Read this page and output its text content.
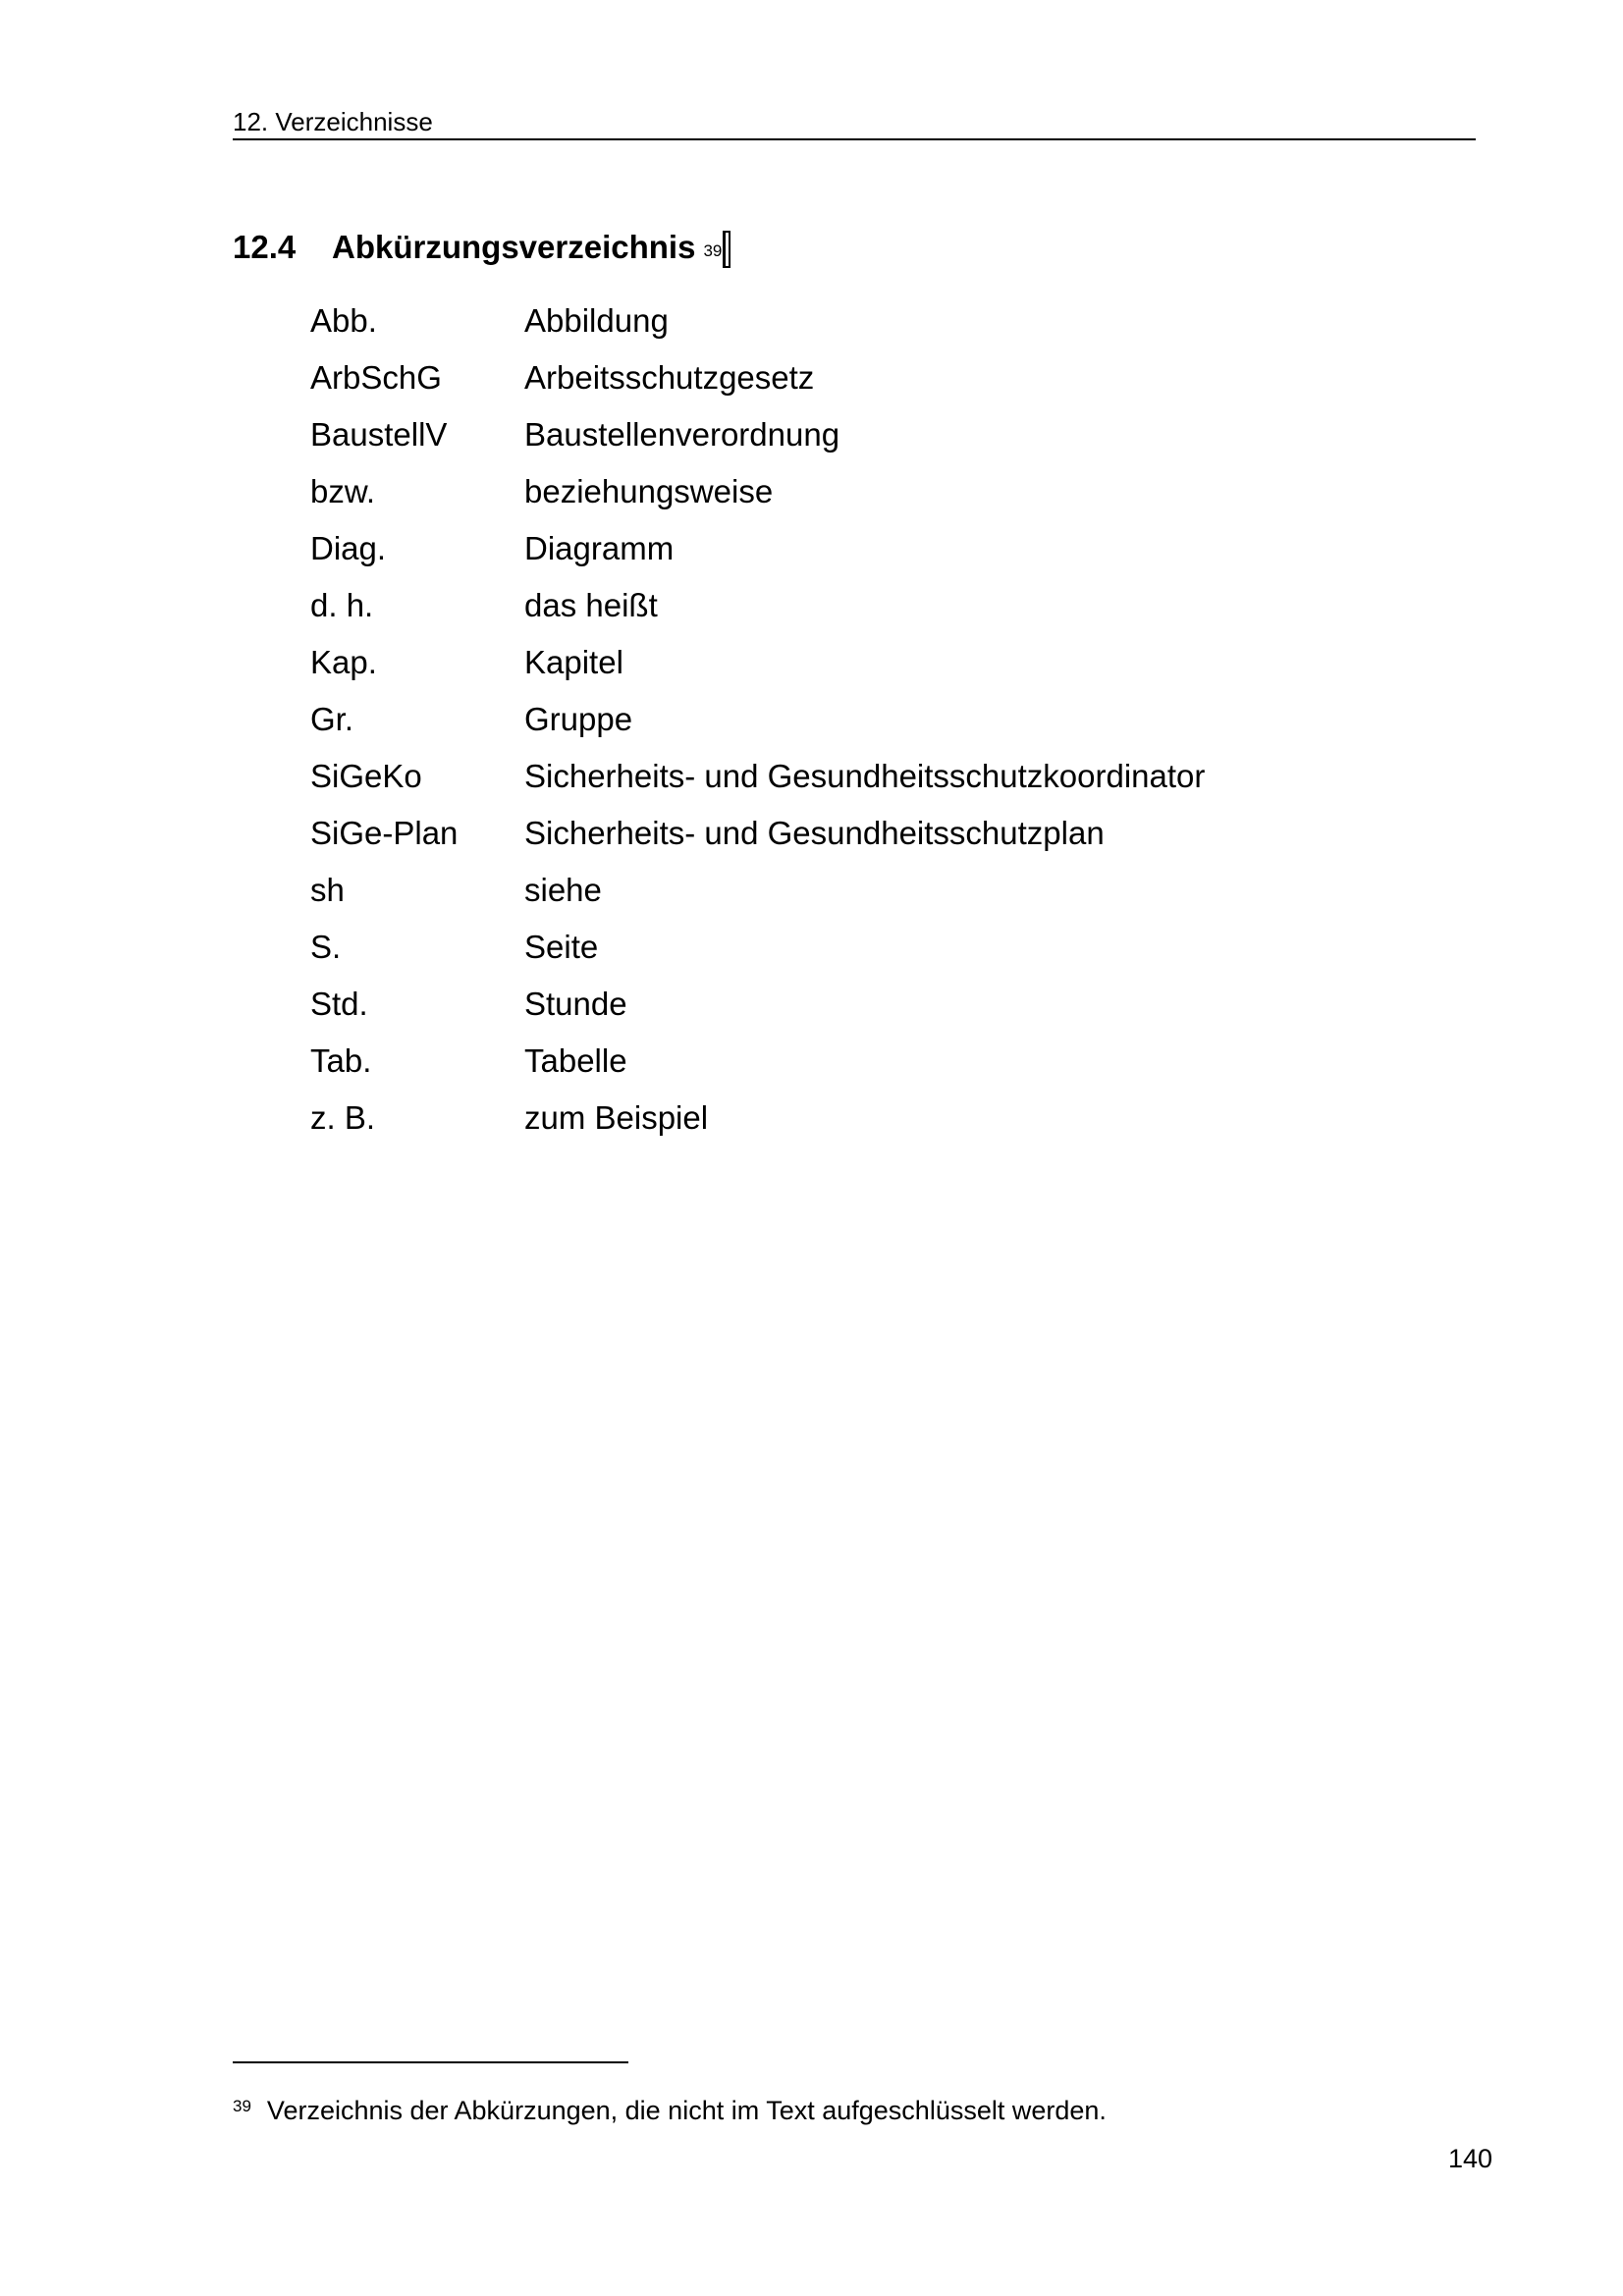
12. Verzeichnisse
12.4 Abkürzungsverzeichnis $^{39}$
Abb.	Abbildung
ArbSchG	Arbeitsschutzgesetz
BaustellV	Baustellenverordnung
bzw.	beziehungsweise
Diag.	Diagramm
d. h.	das heißt
Kap.	Kapitel
Gr.	Gruppe
SiGeKo	Sicherheits- und Gesundheitsschutzkoordinator
SiGe-Plan	Sicherheits- und Gesundheitsschutzplan
sh	siehe
S.	Seite
Std.	Stunde
Tab.	Tabelle
z. B.	zum Beispiel
$^{39}$ Verzeichnis der Abkürzungen, die nicht im Text aufgeschlüsselt werden.
140
